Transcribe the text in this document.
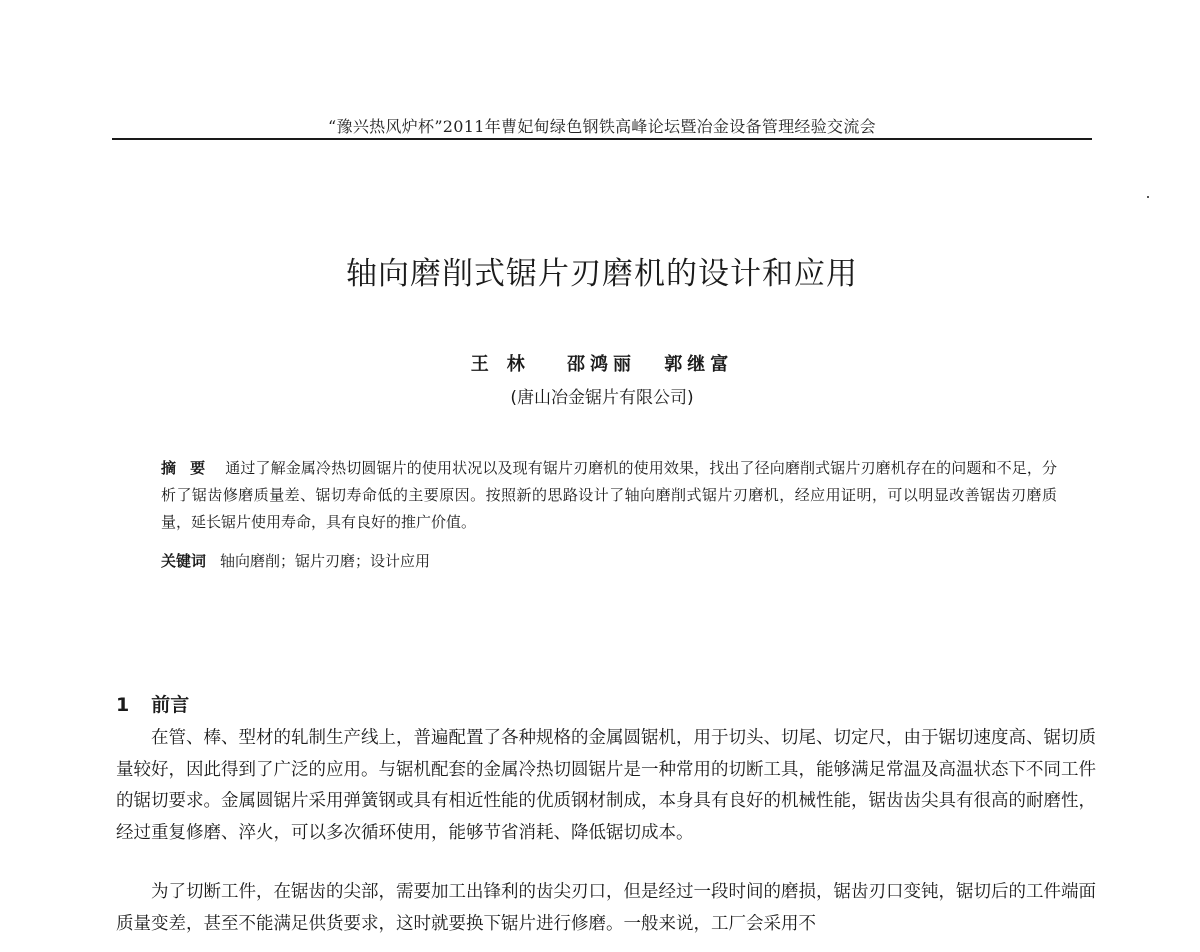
“豫兴热风炉杯”2011年曹妃甸绿色钢铁高峰论坛暨冶金设备管理经验交流会
轴向磨削式锯片刃磨机的设计和应用
王林 邵鸿丽 郭继富
(唐山冶金锯片有限公司)
摘要 通过了解金属冷热切圆锯片的使用状况以及现有锯片刃磨机的使用效果，找出了径向磨削式锯片刃磨机存在的问题和不足，分析了锯齿修磨质量差、锯切寿命低的主要原因。按照新的思路设计了轴向磨削式锯片刃磨机，经应用证明，可以明显改善锯齿刃磨质量，延长锯片使用寿命，具有良好的推广价值。
关键词 轴向磨削；锯片刃磨；设计应用
1 前言

在管、棒、型材的轧制生产线上，普遍配置了各种规格的金属圆锯机，用于切头、切尾、切定尺，由于锯切速度高、锯切质量较好，因此得到了广泛的应用。与锯机配套的金属冷热切圆锯片是一种常用的切断工具，能够满足常温及高温状态下不同工件的锯切要求。金属圆锯片采用弹簧钢或具有相近性能的优质钢材制成，本身具有良好的机械性能，锯齿齿尖具有很高的耐磨性，经过重复修磨、淬火，可以多次循环使用，能够节省消耗、降低锯切成本。

为了切断工件，在锯齿的尖部，需要加工出锋利的齿尖刃口，但是经过一段时间的磨损，锯齿刃口变钝，锯切后的工件端面质量变差，甚至不能满足供货要求，这时就要换下锯片进行修磨。一般来说，工厂会采用不
